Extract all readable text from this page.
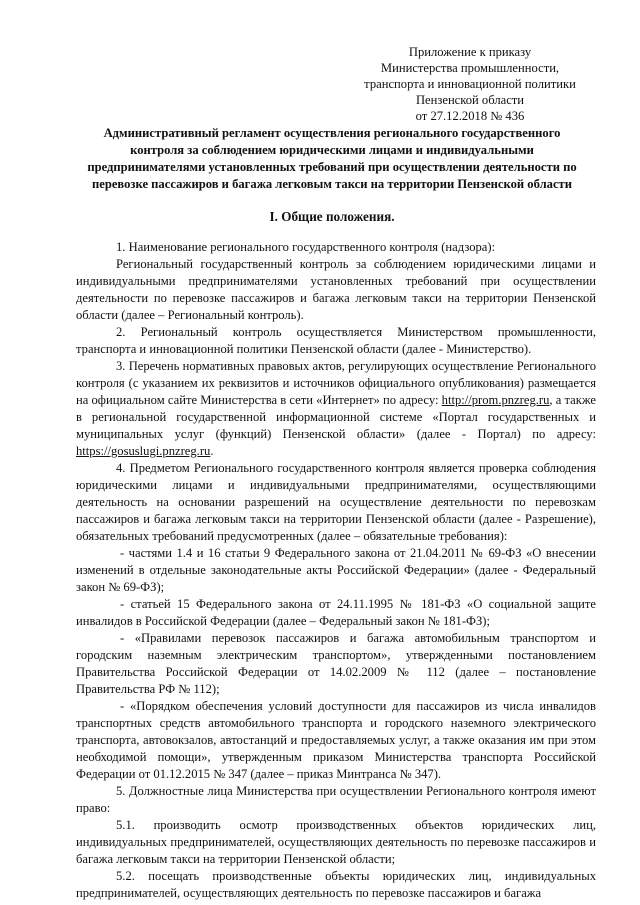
Приложение к приказу
Министерства промышленности,
транспорта и инновационной политики
Пензенской области
от 27.12.2018 № 436
Административный регламент осуществления регионального государственного
контроля за соблюдением юридическими лицами и индивидуальными
предпринимателями установленных требований при осуществлении деятельности по
перевозке пассажиров и багажа легковым такси на территории Пензенской области
I. Общие положения.

1. Наименование регионального государственного контроля (надзора):

Региональный государственный контроль за соблюдением юридическими лицами и индивидуальными предпринимателями установленных требований при осуществлении деятельности по перевозке пассажиров и багажа легковым такси на территории Пензенской области (далее – Региональный контроль).

2. Региональный контроль осуществляется Министерством промышленности, транспорта и инновационной политики Пензенской области (далее - Министерство).

3. Перечень нормативных правовых актов, регулирующих осуществление Регионального контроля (с указанием их реквизитов и источников официального опубликования) размещается на официальном сайте Министерства в сети «Интернет» по адресу: http://prom.pnzreg.ru, а также в региональной государственной информационной системе «Портал государственных и муниципальных услуг (функций) Пензенской области» (далее - Портал) по адресу: https://gosuslugi.pnzreg.ru.

4. Предметом Регионального государственного контроля является проверка соблюдения юридическими лицами и индивидуальными предпринимателями, осуществляющими деятельность на основании разрешений на осуществление деятельности по перевозкам пассажиров и багажа легковым такси на территории Пензенской области (далее - Разрешение), обязательных требований предусмотренных (далее – обязательные требования):

- частями 1.4 и 16 статьи 9 Федерального закона от 21.04.2011 № 69-ФЗ «О внесении изменений в отдельные законодательные акты Российской Федерации» (далее - Федеральный закон № 69-ФЗ);

- статьей 15 Федерального закона от 24.11.1995 № 181-ФЗ «О социальной защите инвалидов в Российской Федерации (далее – Федеральный закон № 181-ФЗ);

- «Правилами перевозок пассажиров и багажа автомобильным транспортом и городским наземным электрическим транспортом», утвержденными постановлением Правительства Российской Федерации от 14.02.2009 № 112 (далее – постановление Правительства РФ № 112);

- «Порядком обеспечения условий доступности для пассажиров из числа инвалидов транспортных средств автомобильного транспорта и городского наземного электрического транспорта, автовокзалов, автостанций и предоставляемых услуг, а также оказания им при этом необходимой помощи», утвержденным приказом Министерства транспорта Российской Федерации от 01.12.2015 № 347 (далее – приказ Минтранса № 347).

5. Должностные лица Министерства при осуществлении Регионального контроля имеют право:

5.1. производить осмотр производственных объектов юридических лиц, индивидуальных предпринимателей, осуществляющих деятельность по перевозке пассажиров и багажа легковым такси на территории Пензенской области;

5.2. посещать производственные объекты юридических лиц, индивидуальных предпринимателей, осуществляющих деятельность по перевозке пассажиров и багажа
